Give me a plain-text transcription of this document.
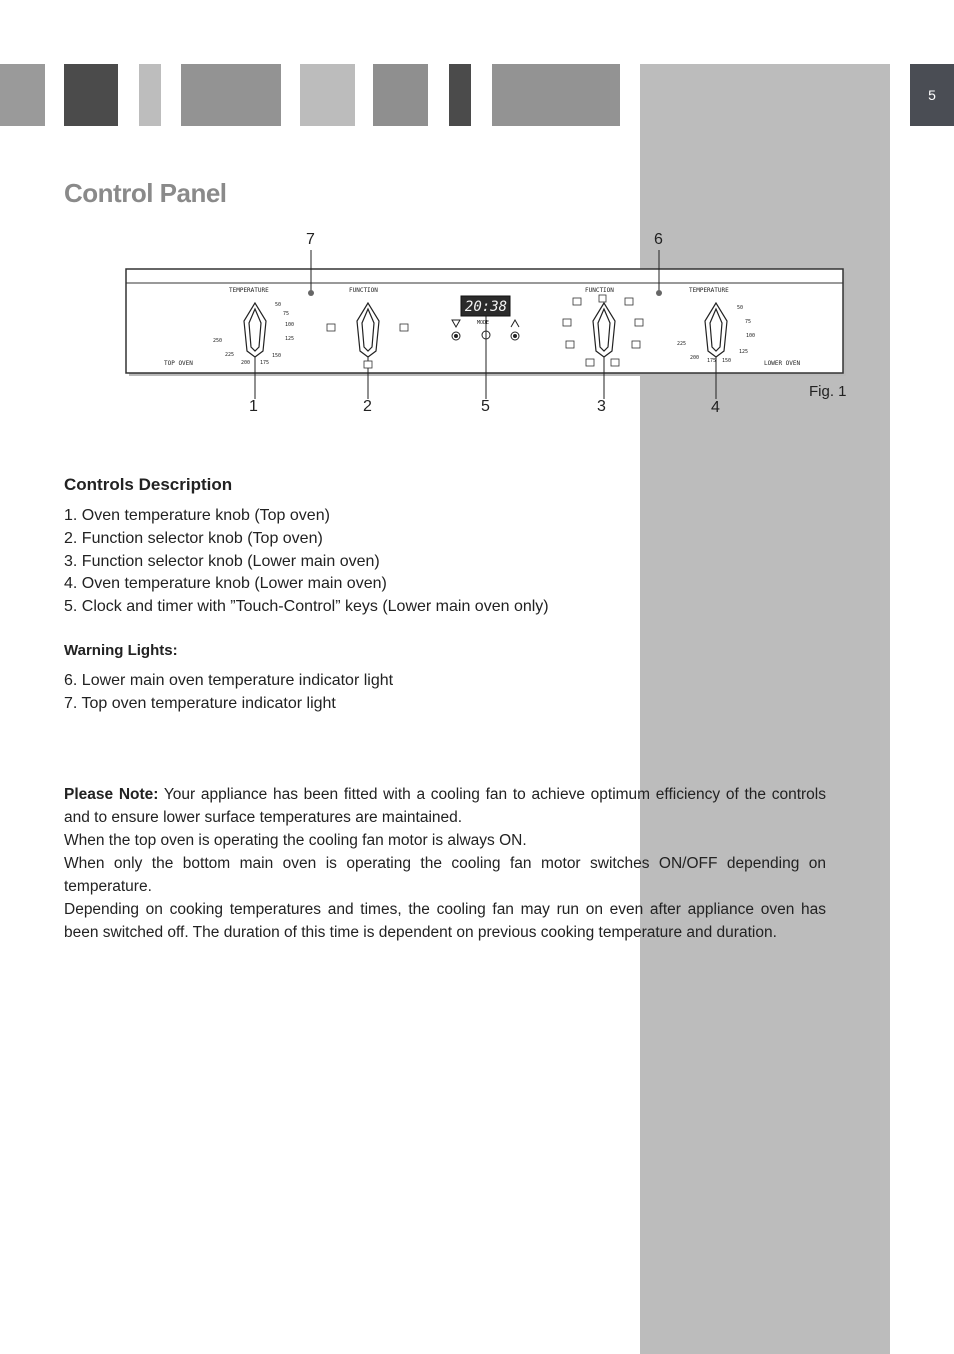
5
Control Panel
TEMPERATURE	FUNCTION	FUNCTION	TEMPERATURE
TOP OVEN	LOWER OVEN
MODE
50
75
100
125
150
175
200
225
250
50
75
100
125
150
175
200
225
20:38
7	6
1	2	5	3	4
Fig. 1
Controls Description
1. Oven temperature knob (Top oven)
2. Function selector knob (Top oven)
3. Function selector knob (Lower main oven)
4. Oven temperature knob (Lower main oven)
5. Clock and timer with ”Touch-Control” keys (Lower main oven only)
Warning Lights:
6. Lower main oven temperature indicator light
7. Top oven temperature indicator light

Please Note: Your appliance has been fitted with a cooling fan to achieve optimum efficiency of the controls and to ensure lower surface temperatures are maintained.

When the top oven is operating the cooling fan motor is always ON.

When only the bottom main oven is operating the cooling fan motor switches ON/OFF depending on temperature.

Depending on cooking temperatures and times, the cooling fan may run on even after appliance oven has been switched off. The duration of this time is dependent on previous cooking temperature and duration.
